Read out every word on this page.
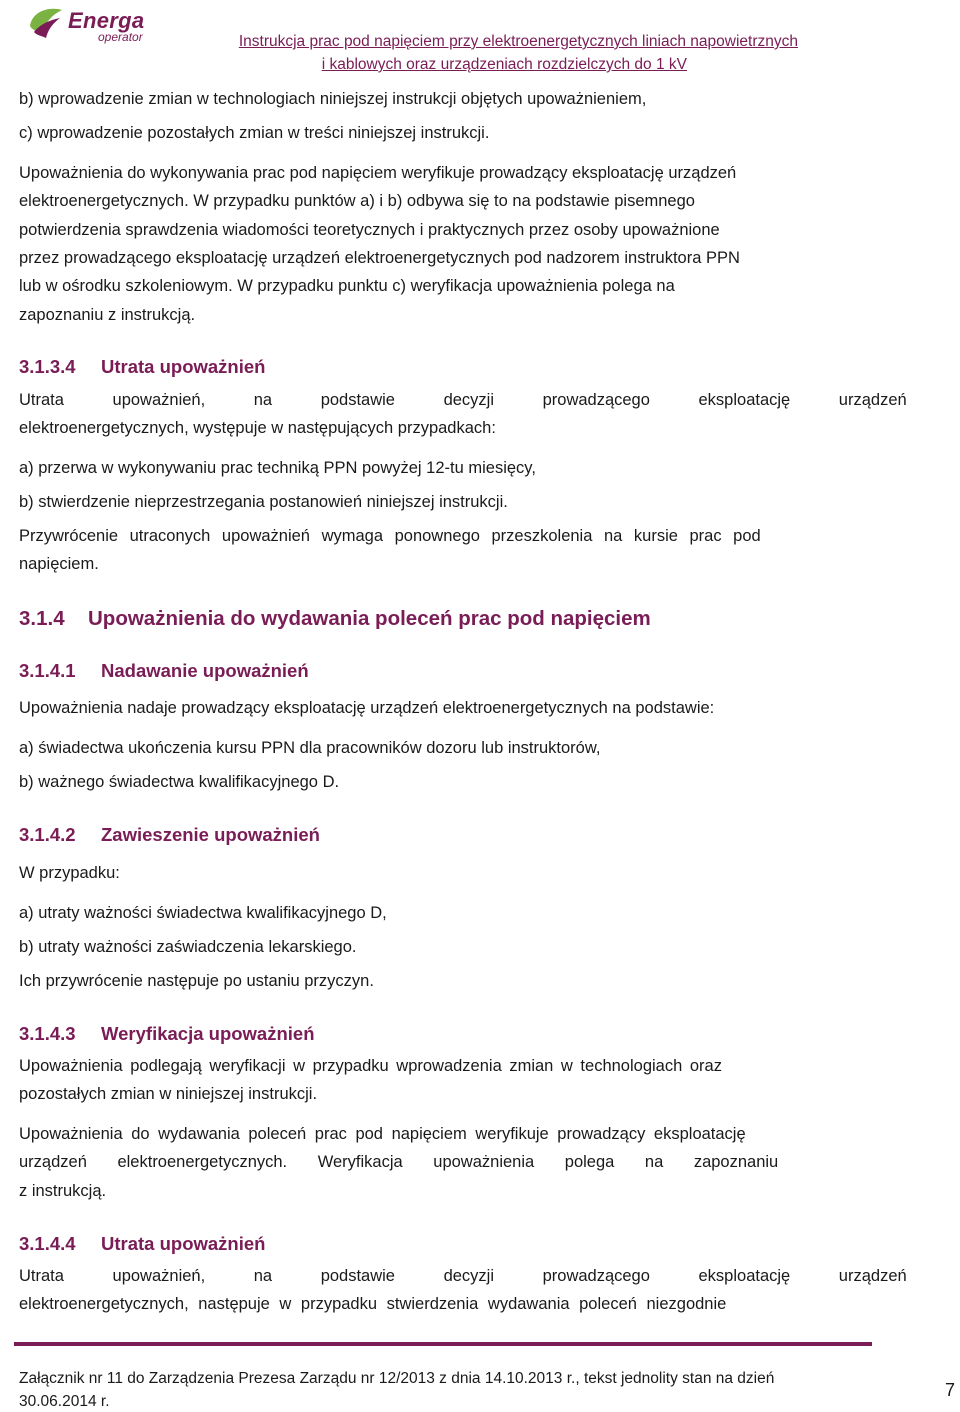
Energa
operator	Instrukcja prac pod napięciem przy elektroenergetycznych liniach napowietrznych
i kablowych oraz urządzeniach rozdzielczych do 1 kV
b) wprowadzenie zmian w technologiach niniejszej instrukcji objętych upoważnieniem,
c) wprowadzenie pozostałych zmian w treści niniejszej instrukcji.
Upoważnienia do wykonywania prac pod napięciem weryfikuje prowadzący eksploatację urządzeń
elektroenergetycznych. W przypadku punktów a) i b) odbywa się to na podstawie pisemnego
potwierdzenia sprawdzenia wiadomości teoretycznych i praktycznych przez osoby upoważnione
przez prowadzącego eksploatację urządzeń elektroenergetycznych pod nadzorem instruktora PPN
lub w ośrodku szkoleniowym. W przypadku punktu c) weryfikacja upoważnienia polega na
zapoznaniu z instrukcją.
3.1.3.4 Utrata upoważnień
Utrata upoważnień, na podstawie decyzji prowadzącego eksploatację urządzeń
elektroenergetycznych, występuje w następujących przypadkach:
a) przerwa w wykonywaniu prac techniką PPN powyżej 12-tu miesięcy,
b) stwierdzenie nieprzestrzegania postanowień niniejszej instrukcji.
Przywrócenie utraconych upoważnień wymaga ponownego przeszkolenia na kursie prac pod
napięciem.
3.1.4 Upoważnienia do wydawania poleceń prac pod napięciem
3.1.4.1 Nadawanie upoważnień
Upoważnienia nadaje prowadzący eksploatację urządzeń elektroenergetycznych na podstawie:
a) świadectwa ukończenia kursu PPN dla pracowników dozoru lub instruktorów,
b) ważnego świadectwa kwalifikacyjnego D.
3.1.4.2 Zawieszenie upoważnień
W przypadku:
a) utraty ważności świadectwa kwalifikacyjnego D,
b) utraty ważności zaświadczenia lekarskiego.
Ich przywrócenie następuje po ustaniu przyczyn.
3.1.4.3 Weryfikacja upoważnień
Upoważnienia podlegają weryfikacji w przypadku wprowadzenia zmian w technologiach oraz
pozostałych zmian w niniejszej instrukcji.
Upoważnienia do wydawania poleceń prac pod napięciem weryfikuje prowadzący eksploatację
urządzeń elektroenergetycznych. Weryfikacja upoważnienia polega na zapoznaniu
z instrukcją.
3.1.4.4 Utrata upoważnień
Utrata upoważnień, na podstawie decyzji prowadzącego eksploatację urządzeń
elektroenergetycznych, następuje w przypadku stwierdzenia wydawania poleceń niezgodnie
Załącznik nr 11 do Zarządzenia Prezesa Zarządu nr 12/2013 z dnia 14.10.2013 r., tekst jednolity stan na dzień
30.06.2014 r.
7
